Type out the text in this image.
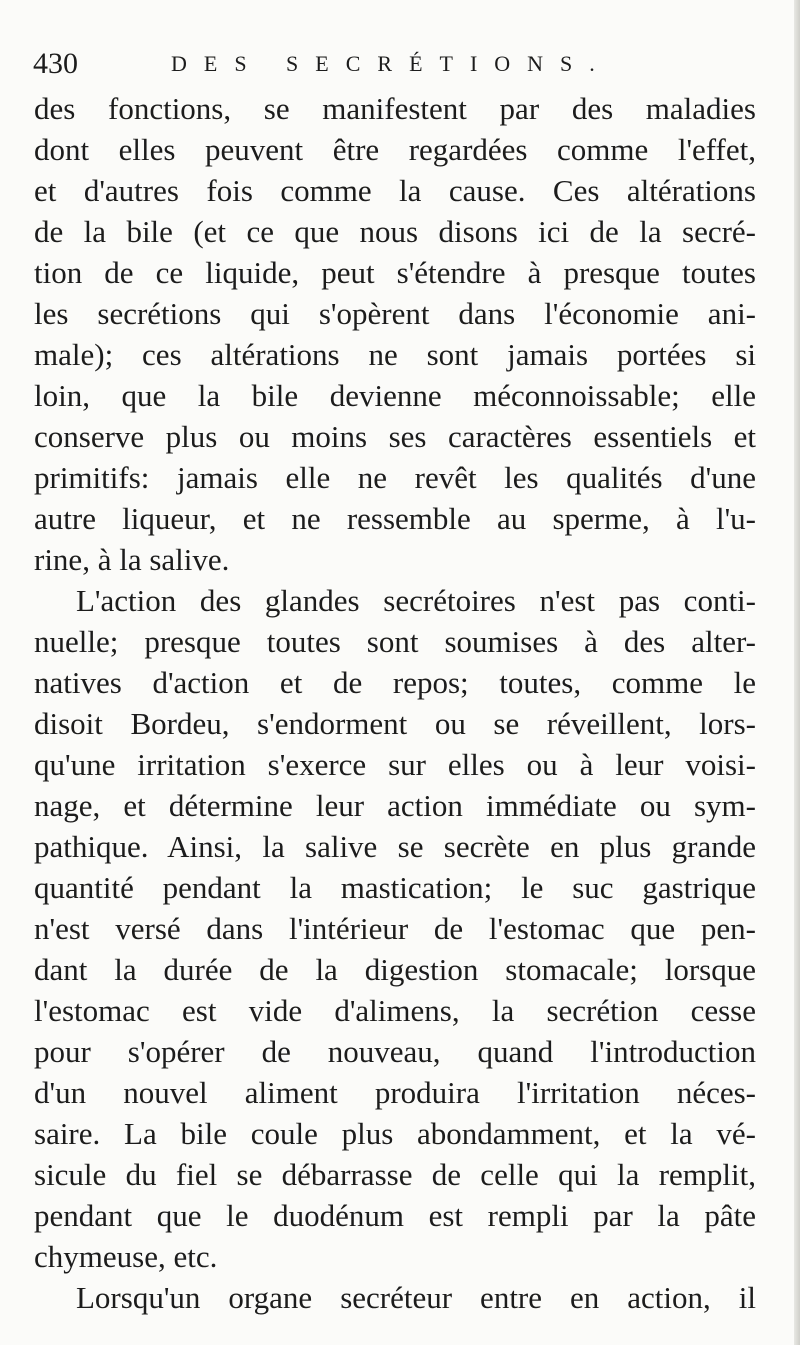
430	DES SECRÉTIONS.
des fonctions, se manifestent par des maladies
dont elles peuvent être regardées comme l'effet,
et d'autres fois comme la cause. Ces altérations
de la bile (et ce que nous disons ici de la secré-
tion de ce liquide, peut s'étendre à presque toutes
les secrétions qui s'opèrent dans l'économie ani-
male); ces altérations ne sont jamais portées si
loin, que la bile devienne méconnoissable; elle
conserve plus ou moins ses caractères essentiels et
primitifs: jamais elle ne revêt les qualités d'une
autre liqueur, et ne ressemble au sperme, à l'u-
rine, à la salive.
L'action des glandes secrétoires n'est pas conti-
nuelle; presque toutes sont soumises à des alter-
natives d'action et de repos; toutes, comme le
disoit Bordeu, s'endorment ou se réveillent, lors-
qu'une irritation s'exerce sur elles ou à leur voisi-
nage, et détermine leur action immédiate ou sym-
pathique. Ainsi, la salive se secrète en plus grande
quantité pendant la mastication; le suc gastrique
n'est versé dans l'intérieur de l'estomac que pen-
dant la durée de la digestion stomacale; lorsque
l'estomac est vide d'alimens, la secrétion cesse
pour s'opérer de nouveau, quand l'introduction
d'un nouvel aliment produira l'irritation néces-
saire. La bile coule plus abondamment, et la vé-
sicule du fiel se débarrasse de celle qui la remplit,
pendant que le duodénum est rempli par la pâte
chymeuse, etc.
Lorsqu'un organe secréteur entre en action, il
